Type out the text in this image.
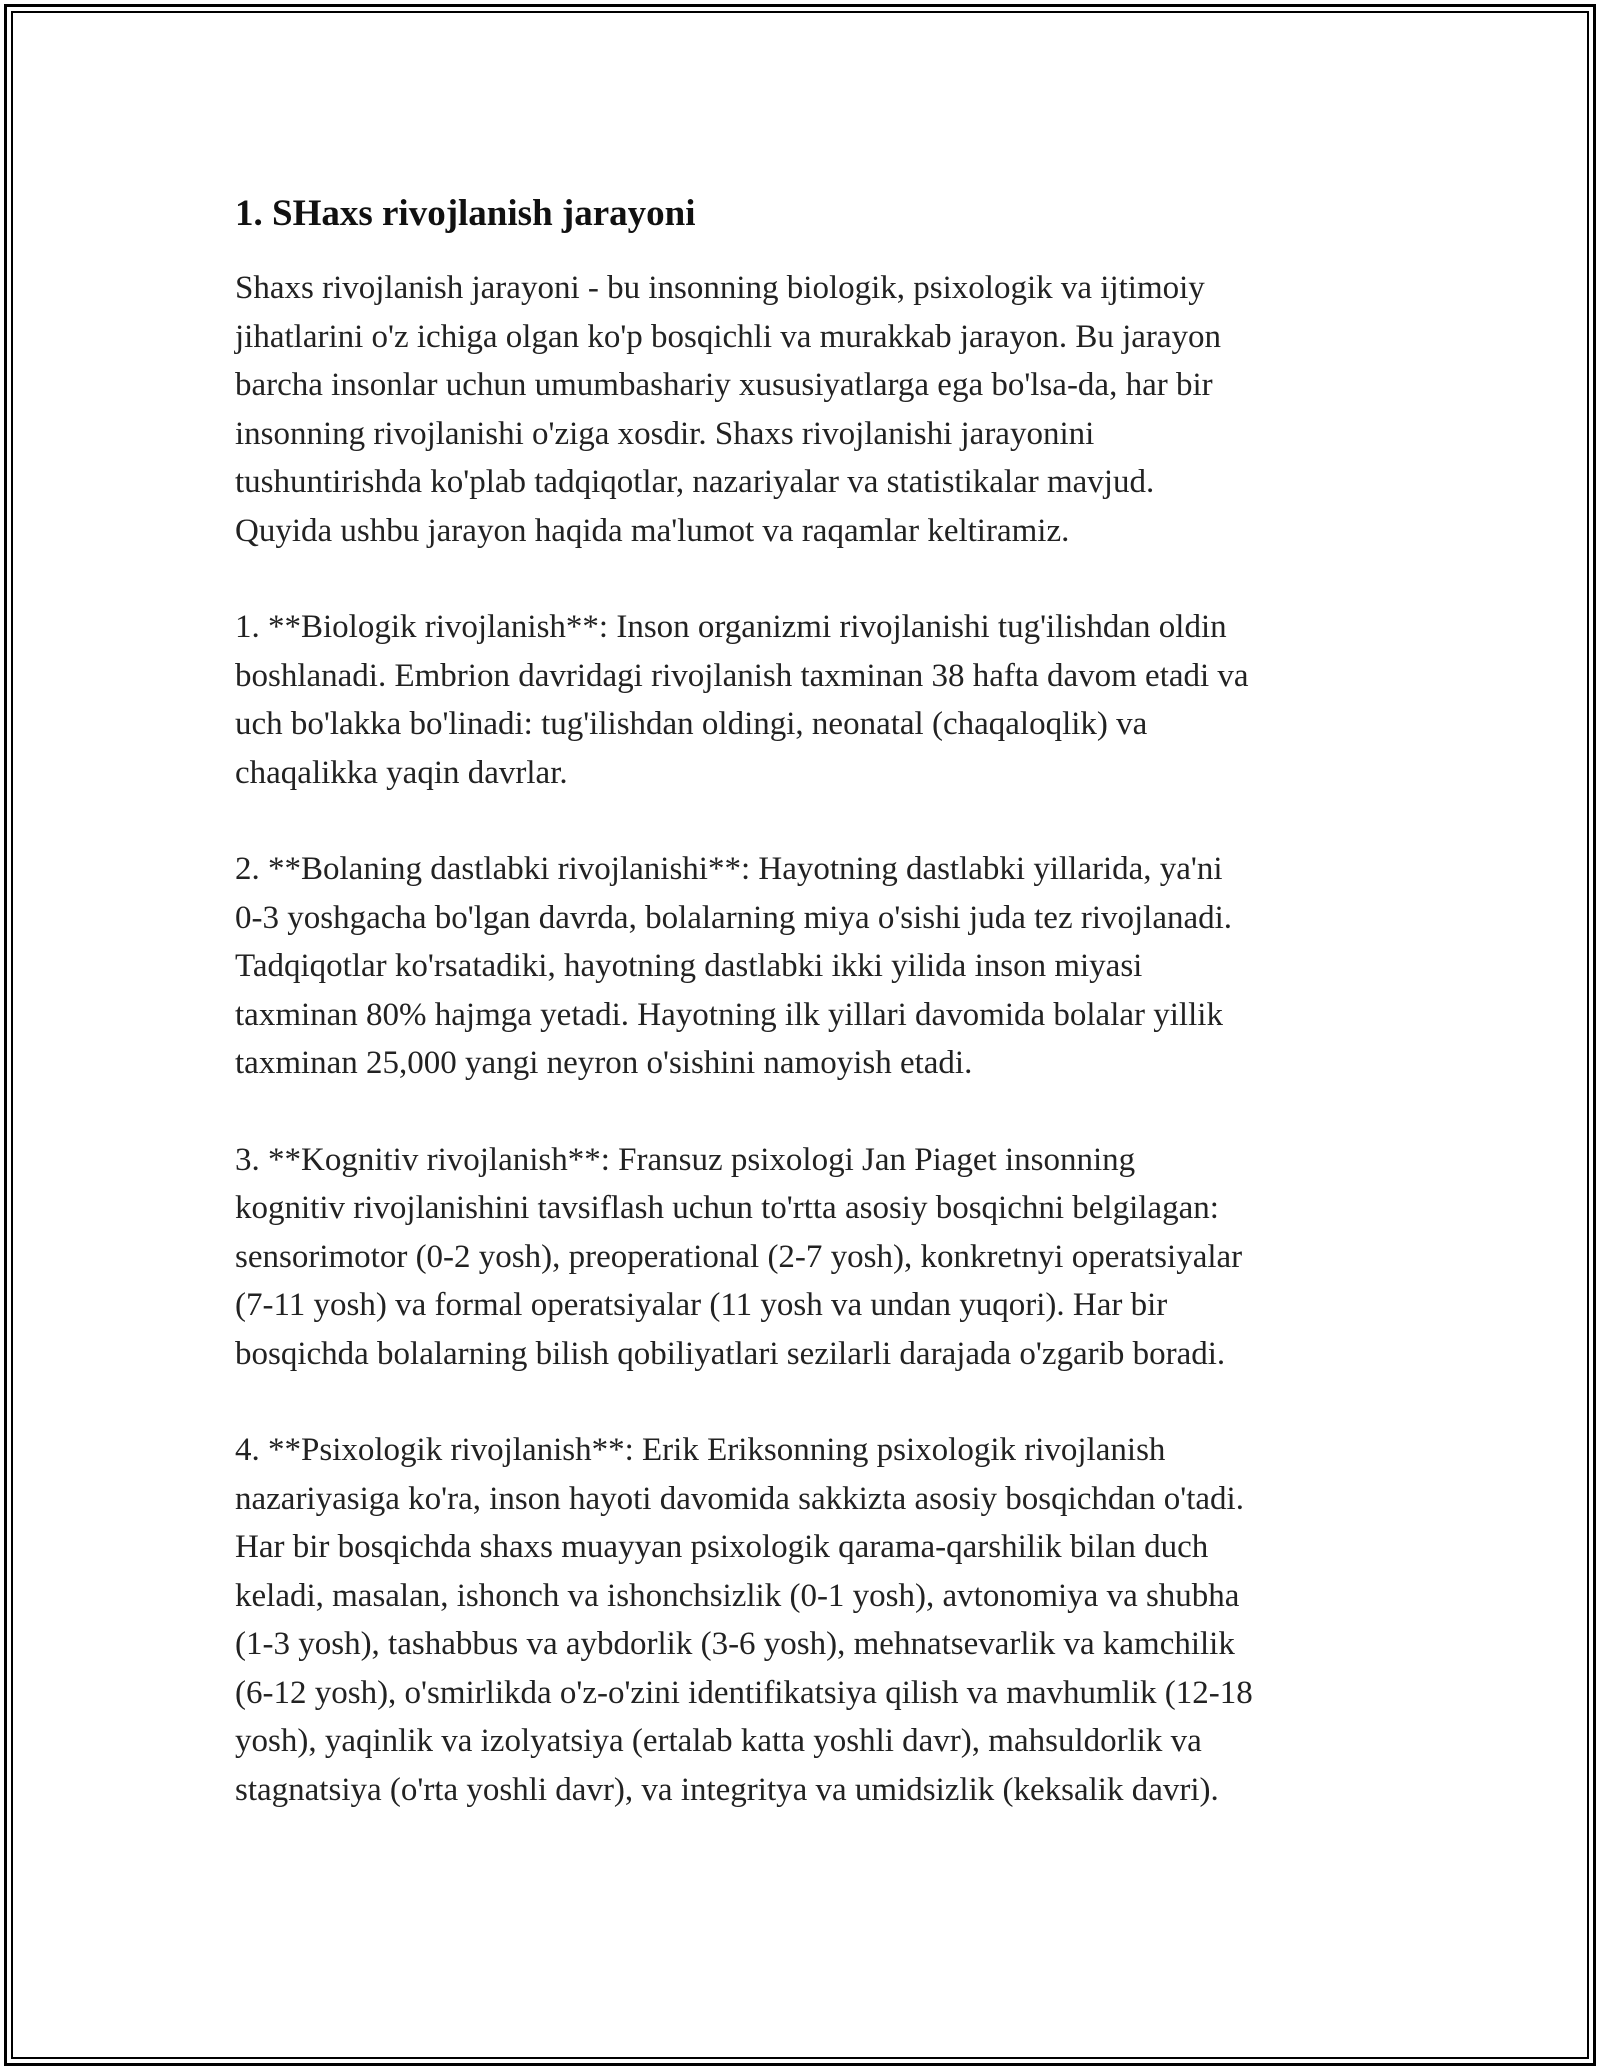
1. SHaxs rivojlanish jarayoni

Shaxs rivojlanish jarayoni - bu insonning biologik, psixologik va ijtimoiy
jihatlarini o'z ichiga olgan ko'p bosqichli va murakkab jarayon. Bu jarayon
barcha insonlar uchun umumbashariy xususiyatlarga ega bo'lsa-da, har bir
insonning rivojlanishi o'ziga xosdir. Shaxs rivojlanishi jarayonini
tushuntirishda ko'plab tadqiqotlar, nazariyalar va statistikalar mavjud.
Quyida ushbu jarayon haqida ma'lumot va raqamlar keltiramiz.

1. **Biologik rivojlanish**: Inson organizmi rivojlanishi tug'ilishdan oldin
boshlanadi. Embrion davridagi rivojlanish taxminan 38 hafta davom etadi va
uch bo'lakka bo'linadi: tug'ilishdan oldingi, neonatal (chaqaloqlik) va
chaqalikka yaqin davrlar.

2. **Bolaning dastlabki rivojlanishi**: Hayotning dastlabki yillarida, ya'ni
0-3 yoshgacha bo'lgan davrda, bolalarning miya o'sishi juda tez rivojlanadi.
Tadqiqotlar ko'rsatadiki, hayotning dastlabki ikki yilida inson miyasi
taxminan 80% hajmga yetadi. Hayotning ilk yillari davomida bolalar yillik
taxminan 25,000 yangi neyron o'sishini namoyish etadi.

3. **Kognitiv rivojlanish**: Fransuz psixologi Jan Piaget insonning
kognitiv rivojlanishini tavsiflash uchun to'rtta asosiy bosqichni belgilagan:
sensorimotor (0-2 yosh), preoperational (2-7 yosh), konkretnyi operatsiyalar
(7-11 yosh) va formal operatsiyalar (11 yosh va undan yuqori). Har bir
bosqichda bolalarning bilish qobiliyatlari sezilarli darajada o'zgarib boradi.

4. **Psixologik rivojlanish**: Erik Eriksonning psixologik rivojlanish
nazariyasiga ko'ra, inson hayoti davomida sakkizta asosiy bosqichdan o'tadi.
Har bir bosqichda shaxs muayyan psixologik qarama-qarshilik bilan duch
keladi, masalan, ishonch va ishonchsizlik (0-1 yosh), avtonomiya va shubha
(1-3 yosh), tashabbus va aybdorlik (3-6 yosh), mehnatsevarlik va kamchilik
(6-12 yosh), o'smirlikda o'z-o'zini identifikatsiya qilish va mavhumlik (12-18
yosh), yaqinlik va izolyatsiya (ertalab katta yoshli davr), mahsuldorlik va
stagnatsiya (o'rta yoshli davr), va integritya va umidsizlik (keksalik davri).
